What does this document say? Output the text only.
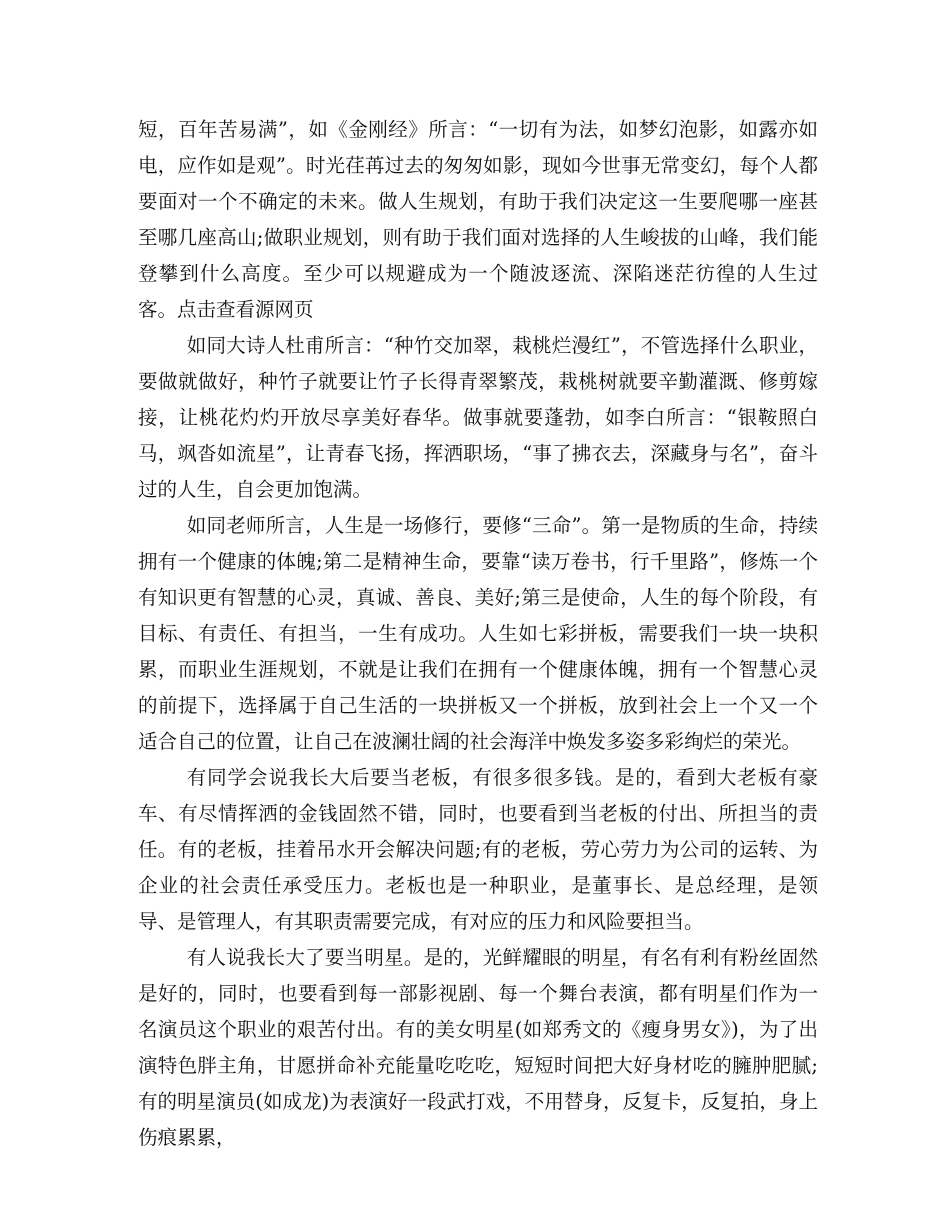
短，百年苦易满”，如《金刚经》所言：“一切有为法，如梦幻泡影，如露亦如电，应作如是观”。时光荏苒过去的匆匆如影，现如今世事无常变幻，每个人都要面对一个不确定的未来。做人生规划，有助于我们决定这一生要爬哪一座甚至哪几座高山;做职业规划，则有助于我们面对选择的人生峻拔的山峰，我们能登攀到什么高度。至少可以规避成为一个随波逐流、深陷迷茫彷徨的人生过客。点击查看源网页

如同大诗人杜甫所言：“种竹交加翠，栽桃烂漫红”，不管选择什么职业，要做就做好，种竹子就要让竹子长得青翠繁茂，栽桃树就要辛勤灌溉、修剪嫁接，让桃花灼灼开放尽享美好春华。做事就要蓬勃，如李白所言：“银鞍照白马，飒沓如流星”，让青春飞扬，挥洒职场，“事了拂衣去，深藏身与名”，奋斗过的人生，自会更加饱满。

如同老师所言，人生是一场修行，要修“三命”。第一是物质的生命，持续拥有一个健康的体魄;第二是精神生命，要靠“读万卷书，行千里路”，修炼一个有知识更有智慧的心灵，真诚、善良、美好;第三是使命，人生的每个阶段，有目标、有责任、有担当，一生有成功。人生如七彩拼板，需要我们一块一块积累，而职业生涯规划，不就是让我们在拥有一个健康体魄，拥有一个智慧心灵的前提下，选择属于自己生活的一块拼板又一个拼板，放到社会上一个又一个适合自己的位置，让自己在波澜壮阔的社会海洋中焕发多姿多彩绚烂的荣光。

有同学会说我长大后要当老板，有很多很多钱。是的，看到大老板有豪车、有尽情挥洒的金钱固然不错，同时，也要看到当老板的付出、所担当的责任。有的老板，挂着吊水开会解决问题;有的老板，劳心劳力为公司的运转、为企业的社会责任承受压力。老板也是一种职业，是董事长、是总经理，是领导、是管理人，有其职责需要完成，有对应的压力和风险要担当。

有人说我长大了要当明星。是的，光鲜耀眼的明星，有名有利有粉丝固然是好的，同时，也要看到每一部影视剧、每一个舞台表演，都有明星们作为一名演员这个职业的艰苦付出。有的美女明星(如郑秀文的《瘦身男女》)，为了出演特色胖主角，甘愿拼命补充能量吃吃吃，短短时间把大好身材吃的臃肿肥腻;有的明星演员(如成龙)为表演好一段武打戏，不用替身，反复卡，反复拍，身上伤痕累累，
